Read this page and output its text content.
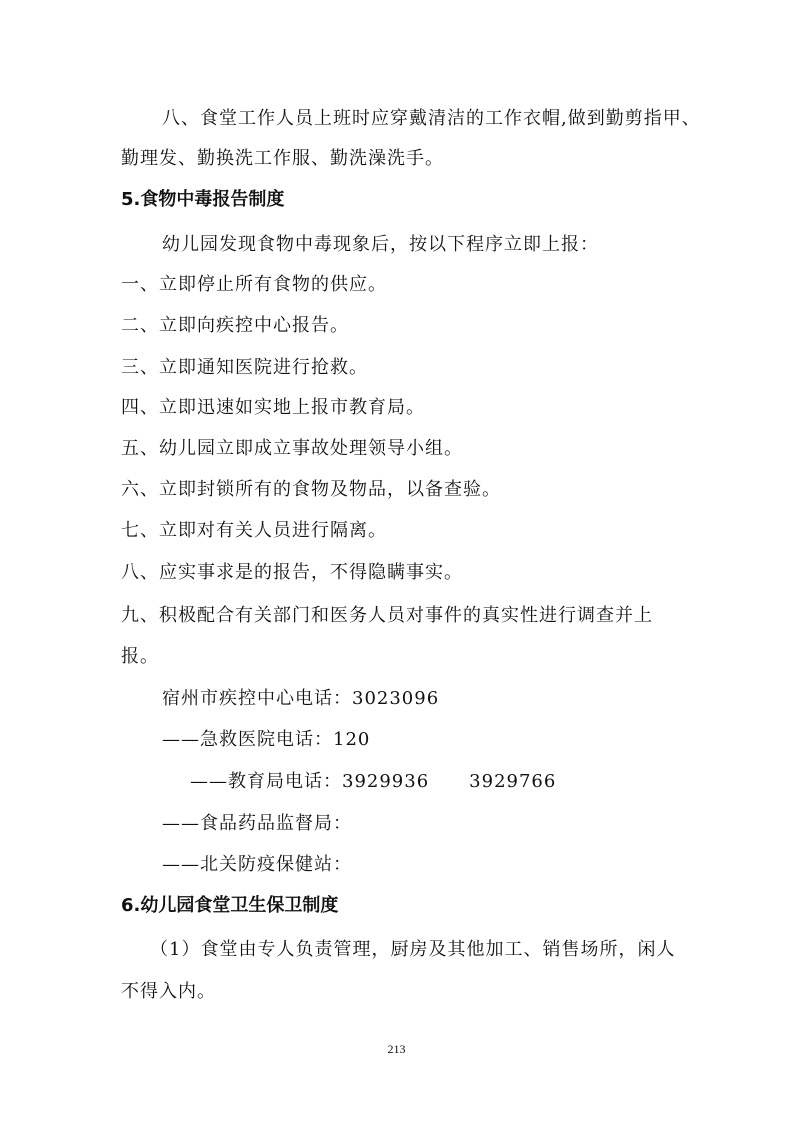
八、食堂工作人员上班时应穿戴清洁的工作衣帽,做到勤剪指甲、
勤理发、勤换洗工作服、勤洗澡洗手。
5.食物中毒报告制度
幼儿园发现食物中毒现象后，按以下程序立即上报：
一、立即停止所有食物的供应。
二、立即向疾控中心报告。
三、立即通知医院进行抢救。
四、立即迅速如实地上报市教育局。
五、幼儿园立即成立事故处理领导小组。
六、立即封锁所有的食物及物品，以备查验。
七、立即对有关人员进行隔离。
八、应实事求是的报告，不得隐瞒事实。
九、积极配合有关部门和医务人员对事件的真实性进行调查并上
报。
宿州市疾控中心电话：3023096
——急救医院电话：120
——教育局电话：3929936 3929766
——食品药品监督局：
——北关防疫保健站：
6.幼儿园食堂卫生保卫制度
（1）食堂由专人负责管理，厨房及其他加工、销售场所，闲人
不得入内。
213
